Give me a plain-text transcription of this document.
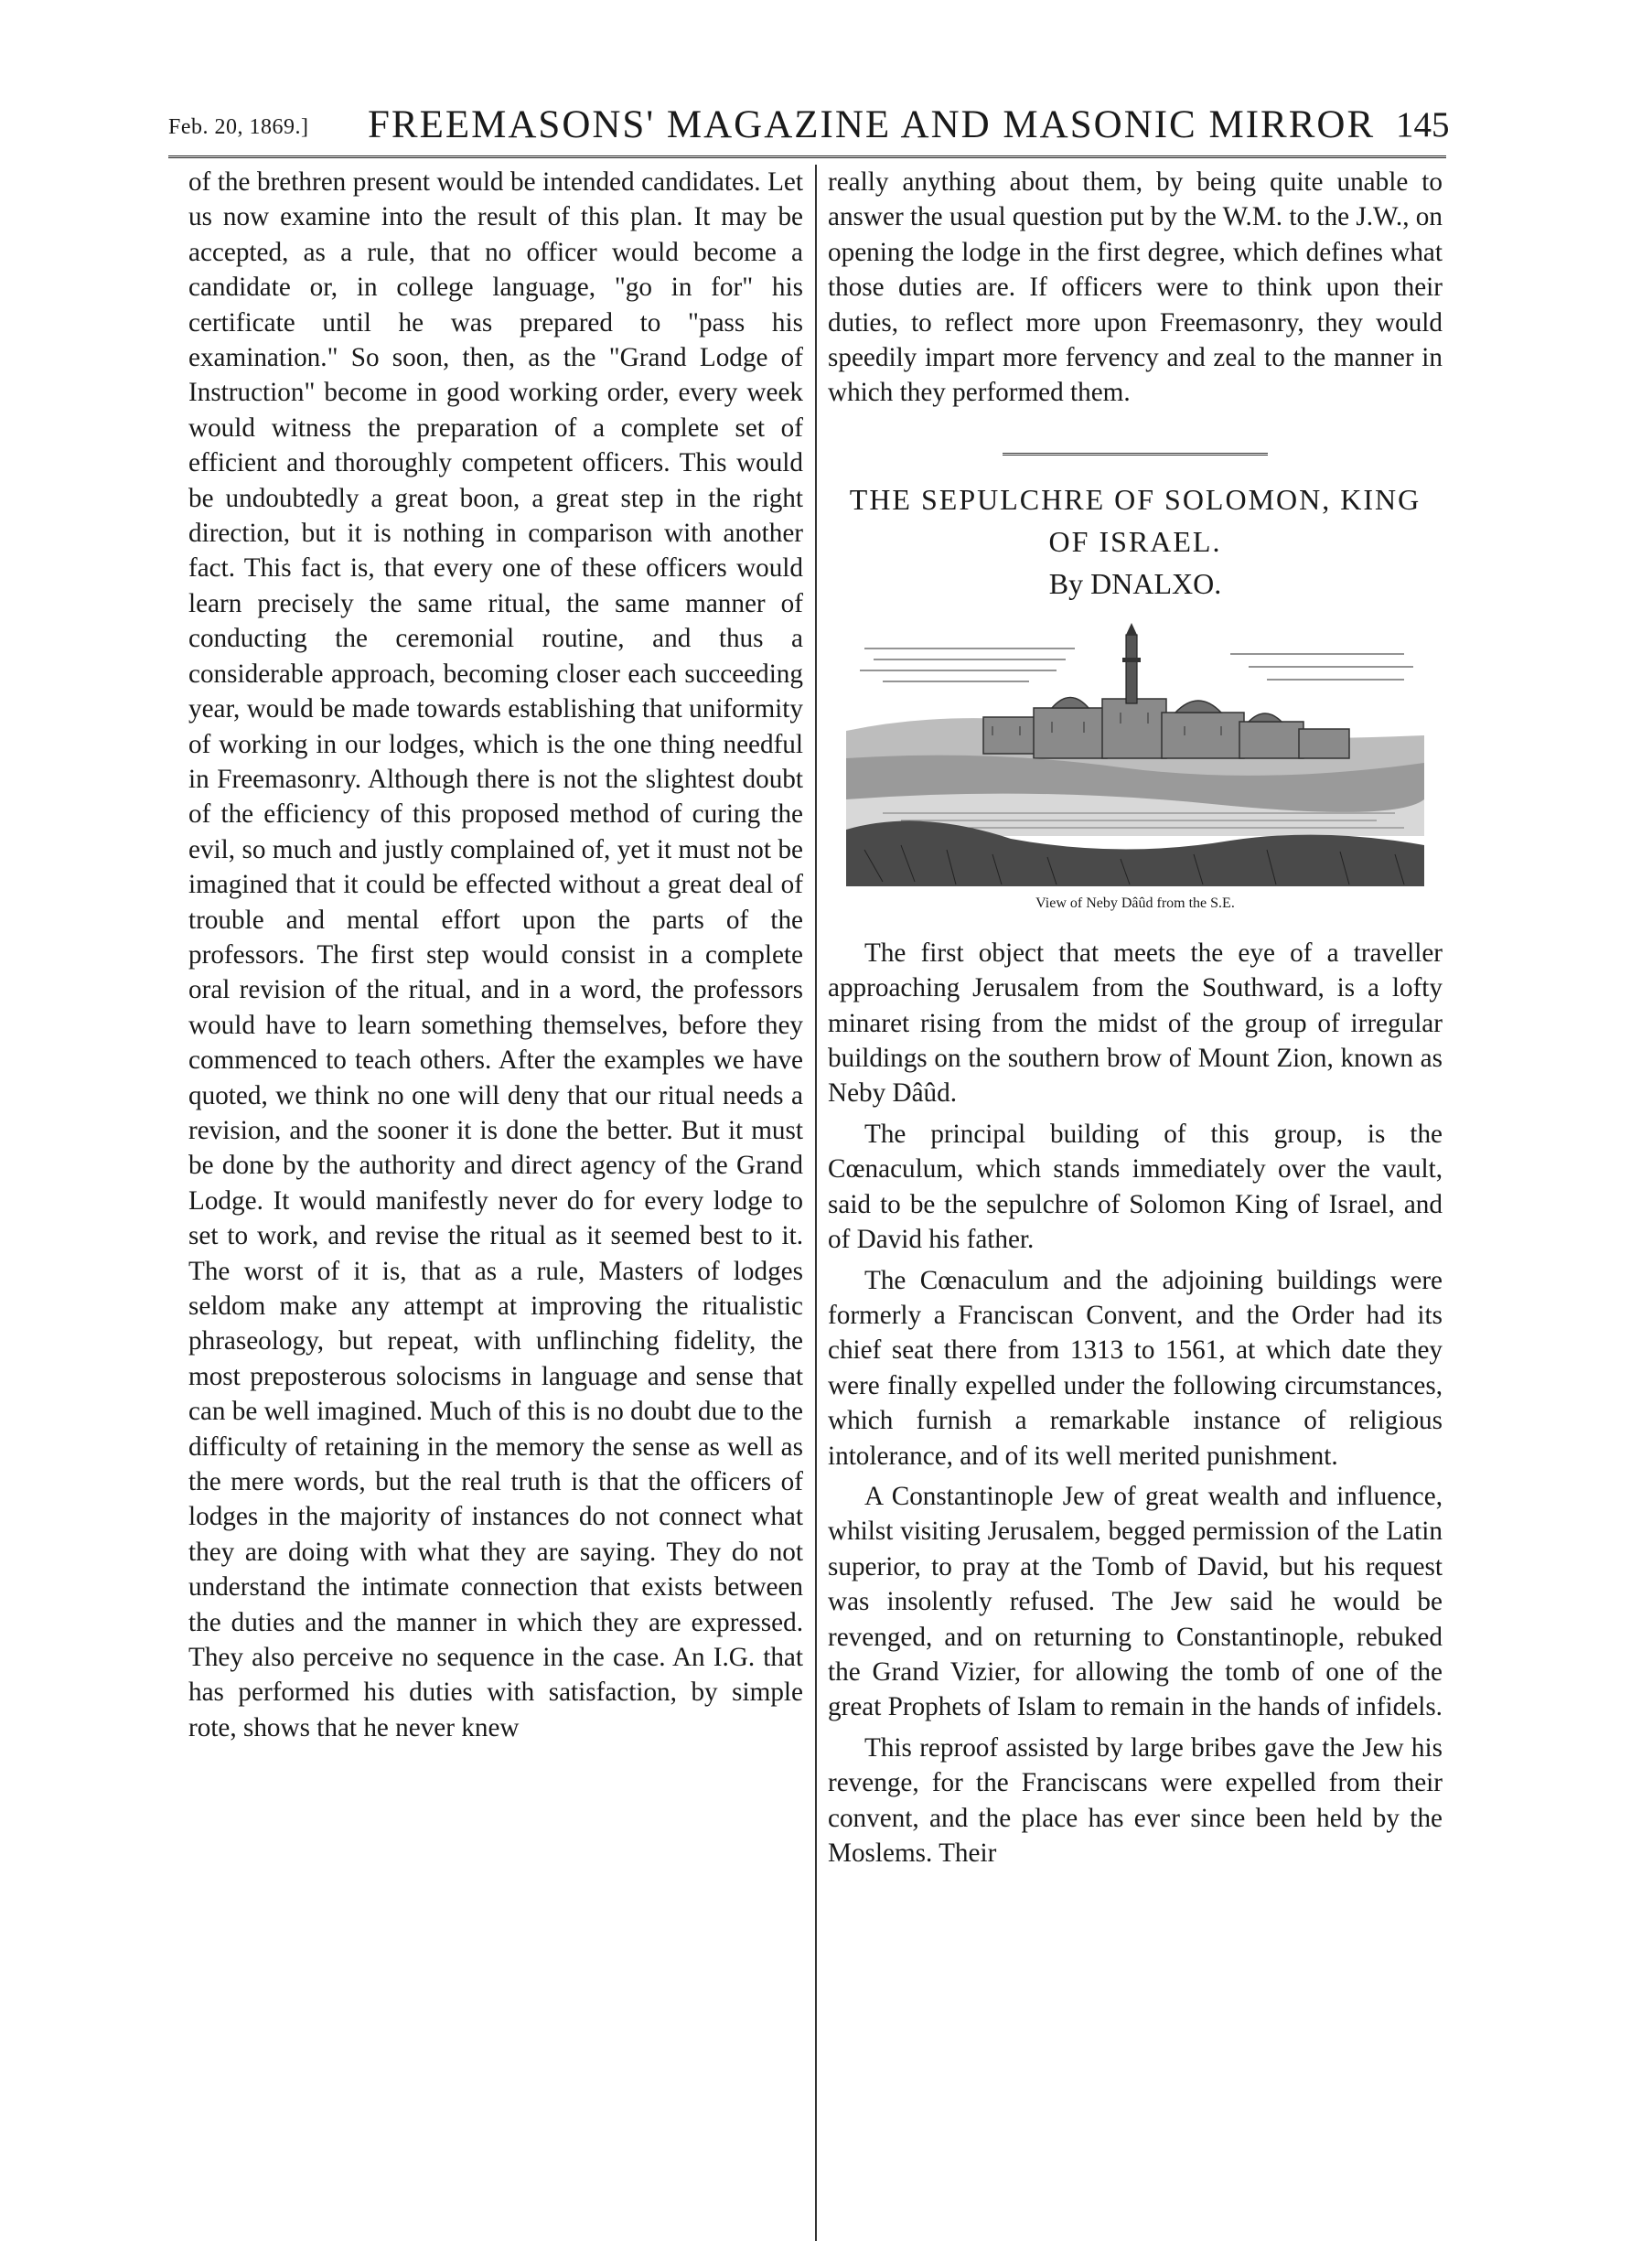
Feb. 20, 1869.] FREEMASONS' MAGAZINE AND MASONIC MIRROR 145

of the brethren present would be intended candidates. Let us now examine into the result of this plan. It may be accepted, as a rule, that no officer would become a candidate or, in college language, "go in for" his certificate until he was prepared to "pass his examination." So soon, then, as the "Grand Lodge of Instruction" become in good working order, every week would witness the preparation of a complete set of efficient and thoroughly competent officers. This would be undoubtedly a great boon, a great step in the right direction, but it is nothing in comparison with another fact. This fact is, that every one of these officers would learn precisely the same ritual, the same manner of conducting the ceremonial routine, and thus a considerable approach, becoming closer each succeeding year, would be made towards establishing that uniformity of working in our lodges, which is the one thing needful in Freemasonry. Although there is not the slightest doubt of the efficiency of this proposed method of curing the evil, so much and justly complained of, yet it must not be imagined that it could be effected without a great deal of trouble and mental effort upon the parts of the professors. The first step would consist in a complete oral revision of the ritual, and in a word, the professors would have to learn something themselves, before they commenced to teach others. After the examples we have quoted, we think no one will deny that our ritual needs a revision, and the sooner it is done the better. But it must be done by the authority and direct agency of the Grand Lodge. It would manifestly never do for every lodge to set to work, and revise the ritual as it seemed best to it. The worst of it is, that as a rule, Masters of lodges seldom make any attempt at improving the ritualistic phraseology, but repeat, with unflinching fidelity, the most preposterous solocisms in language and sense that can be well imagined. Much of this is no doubt due to the difficulty of retaining in the memory the sense as well as the mere words, but the real truth is that the officers of lodges in the majority of instances do not connect what they are doing with what they are saying. They do not understand the intimate connection that exists between the duties and the manner in which they are expressed. They also perceive no sequence in the case. An I.G. that has performed his duties with satisfaction, by simple rote, shows that he never knew

really anything about them, by being quite unable to answer the usual question put by the W.M. to the J.W., on opening the lodge in the first degree, which defines what those duties are. If officers were to think upon their duties, to reflect more upon Freemasonry, they would speedily impart more fervency and zeal to the manner in which they performed them.

THE SEPULCHRE OF SOLOMON, KING
OF ISRAEL.

By DNALXO.

View of Neby Dâûd from the S.E.

The first object that meets the eye of a traveller approaching Jerusalem from the Southward, is a lofty minaret rising from the midst of the group of irregular buildings on the southern brow of Mount Zion, known as Neby Dâûd.

The principal building of this group, is the Cœnaculum, which stands immediately over the vault, said to be the sepulchre of Solomon King of Israel, and of David his father.

The Cœnaculum and the adjoining buildings were formerly a Franciscan Convent, and the Order had its chief seat there from 1313 to 1561, at which date they were finally expelled under the following circumstances, which furnish a remarkable instance of religious intolerance, and of its well merited punishment.

A Constantinople Jew of great wealth and influence, whilst visiting Jerusalem, begged permission of the Latin superior, to pray at the Tomb of David, but his request was insolently refused. The Jew said he would be revenged, and on returning to Constantinople, rebuked the Grand Vizier, for allowing the tomb of one of the great Prophets of Islam to remain in the hands of infidels.

This reproof assisted by large bribes gave the Jew his revenge, for the Franciscans were expelled from their convent, and the place has ever since been held by the Moslems. Their
